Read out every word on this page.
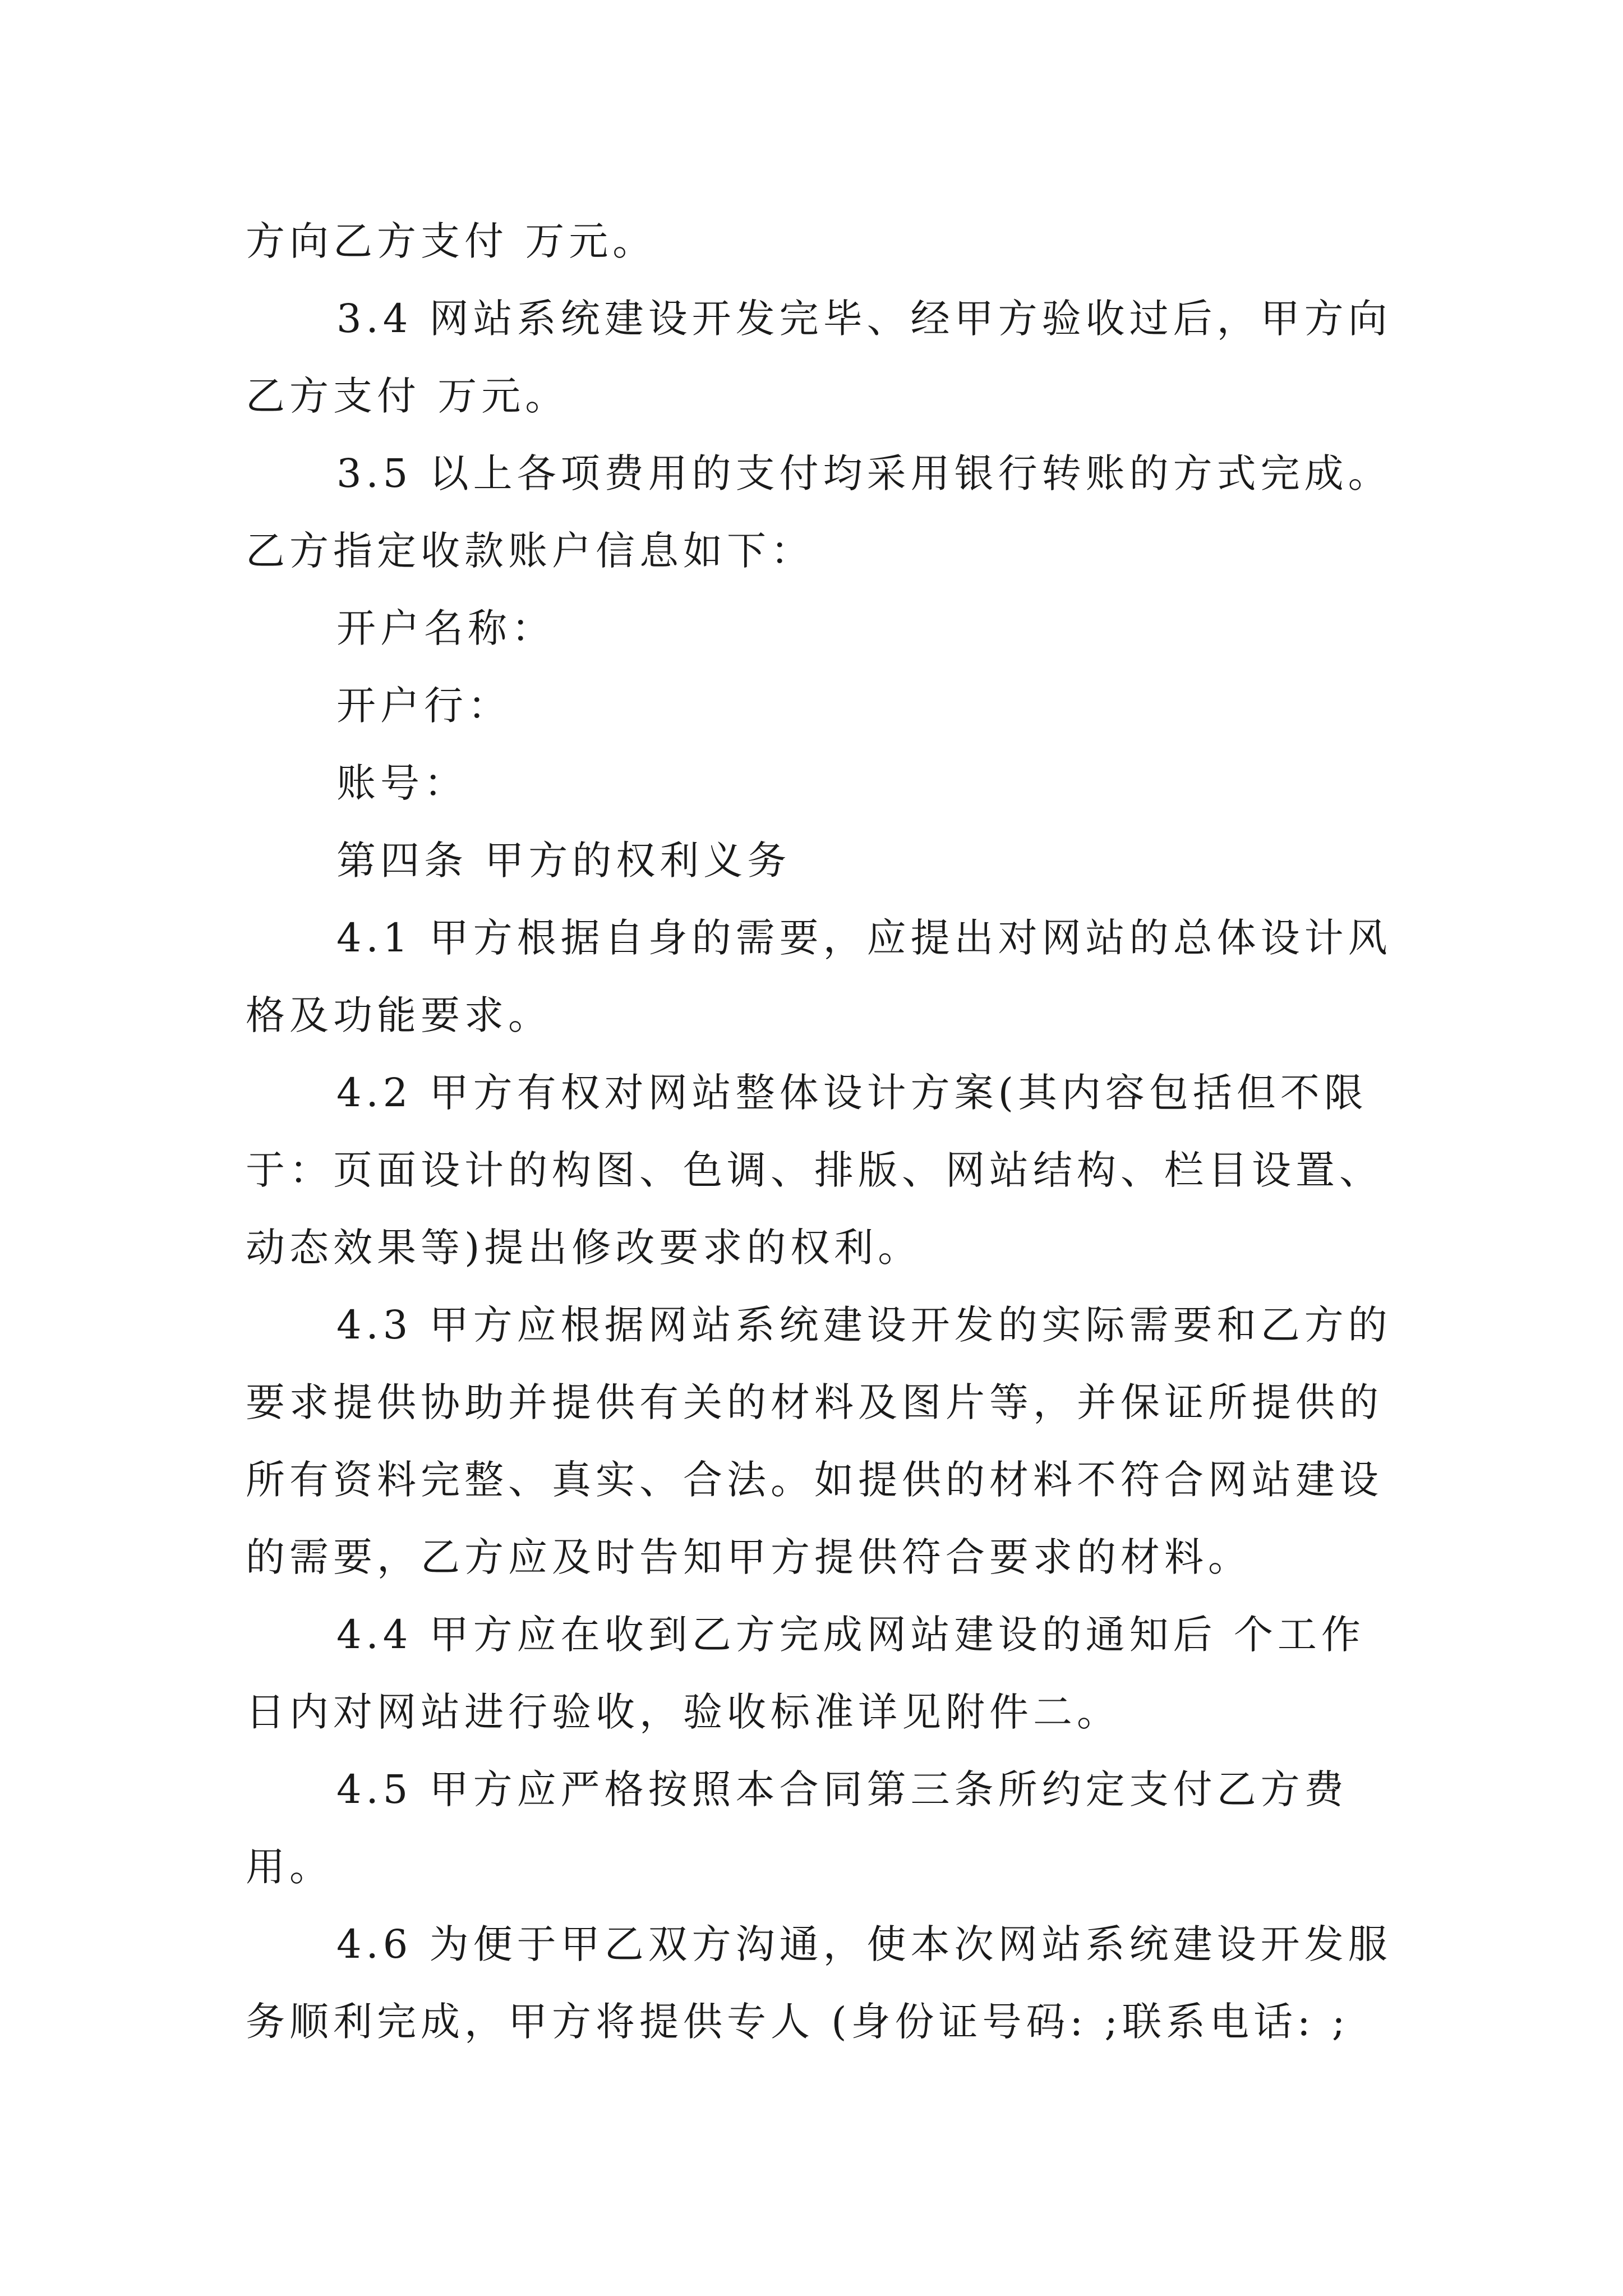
方向乙方支付 万元。
3.4 网站系统建设开发完毕、经甲方验收过后，甲方向
乙方支付 万元。
3.5 以上各项费用的支付均采用银行转账的方式完成。
乙方指定收款账户信息如下：
开户名称：
开户行：
账号：
第四条 甲方的权利义务
4.1 甲方根据自身的需要，应提出对网站的总体设计风
格及功能要求。
4.2 甲方有权对网站整体设计方案(其内容包括但不限
于：页面设计的构图、色调、排版、网站结构、栏目设置、
动态效果等)提出修改要求的权利。
4.3 甲方应根据网站系统建设开发的实际需要和乙方的
要求提供协助并提供有关的材料及图片等，并保证所提供的
所有资料完整、真实、合法。如提供的材料不符合网站建设
的需要，乙方应及时告知甲方提供符合要求的材料。
4.4 甲方应在收到乙方完成网站建设的通知后 个工作
日内对网站进行验收，验收标准详见附件二。
4.5 甲方应严格按照本合同第三条所约定支付乙方费
用。
4.6 为便于甲乙双方沟通，使本次网站系统建设开发服
务顺利完成，甲方将提供专人 (身份证号码: ;联系电话: ;
